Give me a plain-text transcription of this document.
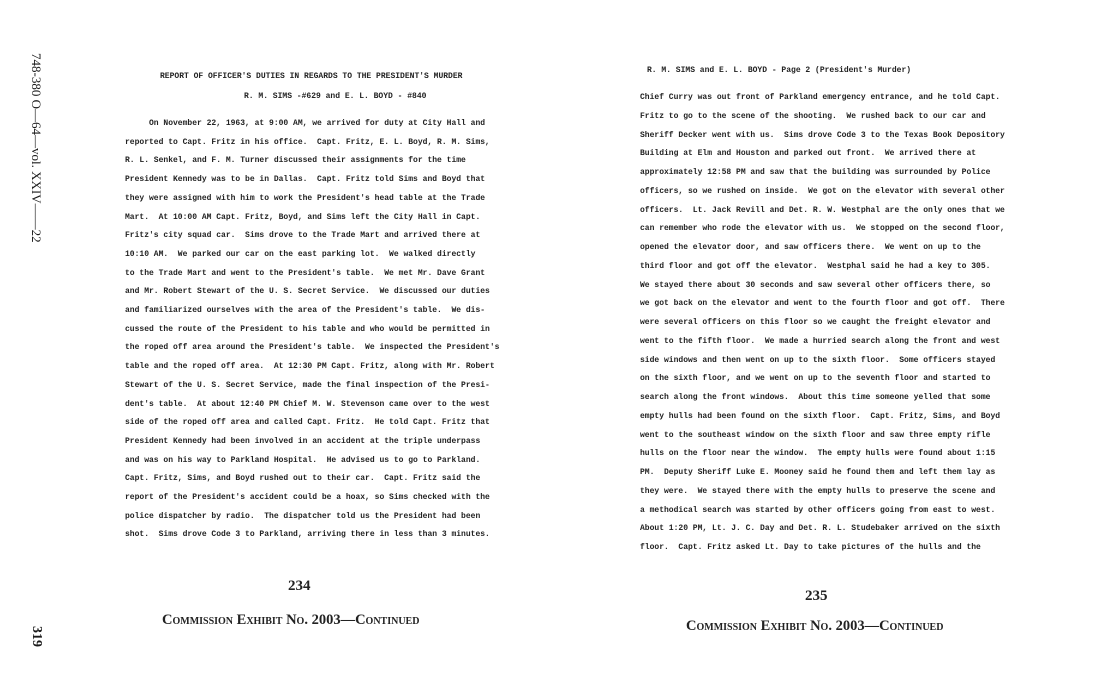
748-380 O—64—vol. XXIV——22
319

REPORT OF OFFICER'S DUTIES IN REGARDS TO THE PRESIDENT'S MURDER

R. M. SIMS -#629 and E. L. BOYD - #840

On November 22, 1963, at 9:00 AM, we arrived for duty at City Hall and
reported to Capt. Fritz in his office.  Capt. Fritz, E. L. Boyd, R. M. Sims,
R. L. Senkel, and F. M. Turner discussed their assignments for the time
President Kennedy was to be in Dallas.  Capt. Fritz told Sims and Boyd that
they were assigned with him to work the President's head table at the Trade
Mart.  At 10:00 AM Capt. Fritz, Boyd, and Sims left the City Hall in Capt.
Fritz's city squad car.  Sims drove to the Trade Mart and arrived there at
10:10 AM.  We parked our car on the east parking lot.  We walked directly
to the Trade Mart and went to the President's table.  We met Mr. Dave Grant
and Mr. Robert Stewart of the U. S. Secret Service.  We discussed our duties
and familiarized ourselves with the area of the President's table.  We dis-
cussed the route of the President to his table and who would be permitted in
the roped off area around the President's table.  We inspected the President's
table and the roped off area.  At 12:30 PM Capt. Fritz, along with Mr. Robert
Stewart of the U. S. Secret Service, made the final inspection of the Presi-
dent's table.  At about 12:40 PM Chief M. W. Stevenson came over to the west
side of the roped off area and called Capt. Fritz.  He told Capt. Fritz that
President Kennedy had been involved in an accident at the triple underpass
and was on his way to Parkland Hospital.  He advised us to go to Parkland.
Capt. Fritz, Sims, and Boyd rushed out to their car.  Capt. Fritz said the
report of the President's accident could be a hoax, so Sims checked with the
police dispatcher by radio.  The dispatcher told us the President had been
shot.  Sims drove Code 3 to Parkland, arriving there in less than 3 minutes.

234

Commission Exhibit No. 2003—Continued

R. M. SIMS and E. L. BOYD - Page 2 (President's Murder)

Chief Curry was out front of Parkland emergency entrance, and he told Capt.
Fritz to go to the scene of the shooting.  We rushed back to our car and
Sheriff Decker went with us.  Sims drove Code 3 to the Texas Book Depository
Building at Elm and Houston and parked out front.  We arrived there at
approximately 12:58 PM and saw that the building was surrounded by Police
officers, so we rushed on inside.  We got on the elevator with several other
officers.  Lt. Jack Revill and Det. R. W. Westphal are the only ones that we
can remember who rode the elevator with us.  We stopped on the second floor,
opened the elevator door, and saw officers there.  We went on up to the
third floor and got off the elevator.  Westphal said he had a key to 305.
We stayed there about 30 seconds and saw several other officers there, so
we got back on the elevator and went to the fourth floor and got off.  There
were several officers on this floor so we caught the freight elevator and
went to the fifth floor.  We made a hurried search along the front and west
side windows and then went on up to the sixth floor.  Some officers stayed
on the sixth floor, and we went on up to the seventh floor and started to
search along the front windows.  About this time someone yelled that some
empty hulls had been found on the sixth floor.  Capt. Fritz, Sims, and Boyd
went to the southeast window on the sixth floor and saw three empty rifle
hulls on the floor near the window.  The empty hulls were found about 1:15
PM.  Deputy Sheriff Luke E. Mooney said he found them and left them lay as
they were.  We stayed there with the empty hulls to preserve the scene and
a methodical search was started by other officers going from east to west.
About 1:20 PM, Lt. J. C. Day and Det. R. L. Studebaker arrived on the sixth
floor.  Capt. Fritz asked Lt. Day to take pictures of the hulls and the

235

Commission Exhibit No. 2003—Continued
